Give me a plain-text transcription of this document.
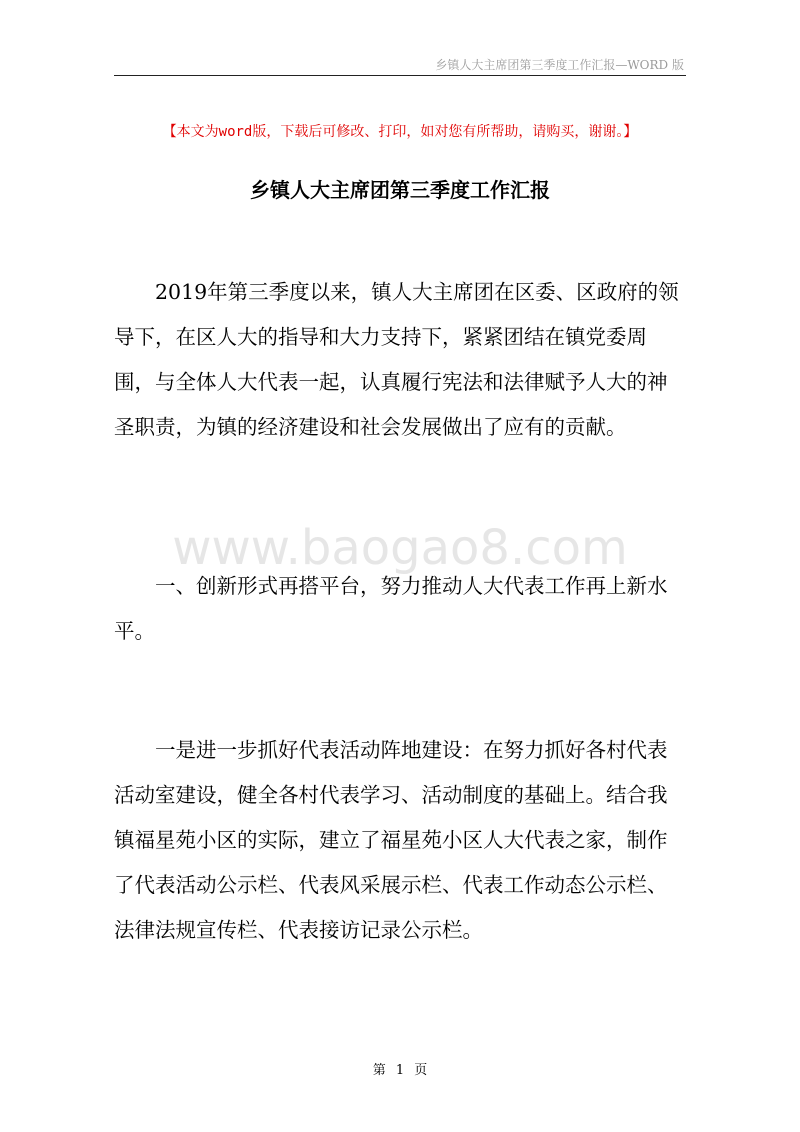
乡镇人大主席团第三季度工作汇报—WORD 版
【本文为word版，下载后可修改、打印，如对您有所帮助，请购买，谢谢。】
乡镇人大主席团第三季度工作汇报
www.baogao8.com

2019年第三季度以来，镇人大主席团在区委、区政府的领导下，在区人大的指导和大力支持下，紧紧团结在镇党委周围，与全体人大代表一起，认真履行宪法和法律赋予人大的神圣职责，为镇的经济建设和社会发展做出了应有的贡献。

一、创新形式再搭平台，努力推动人大代表工作再上新水平。

一是进一步抓好代表活动阵地建设：在努力抓好各村代表活动室建设，健全各村代表学习、活动制度的基础上。结合我镇福星苑小区的实际，建立了福星苑小区人大代表之家，制作了代表活动公示栏、代表风采展示栏、代表工作动态公示栏、法律法规宣传栏、代表接访记录公示栏。

第 1 页
